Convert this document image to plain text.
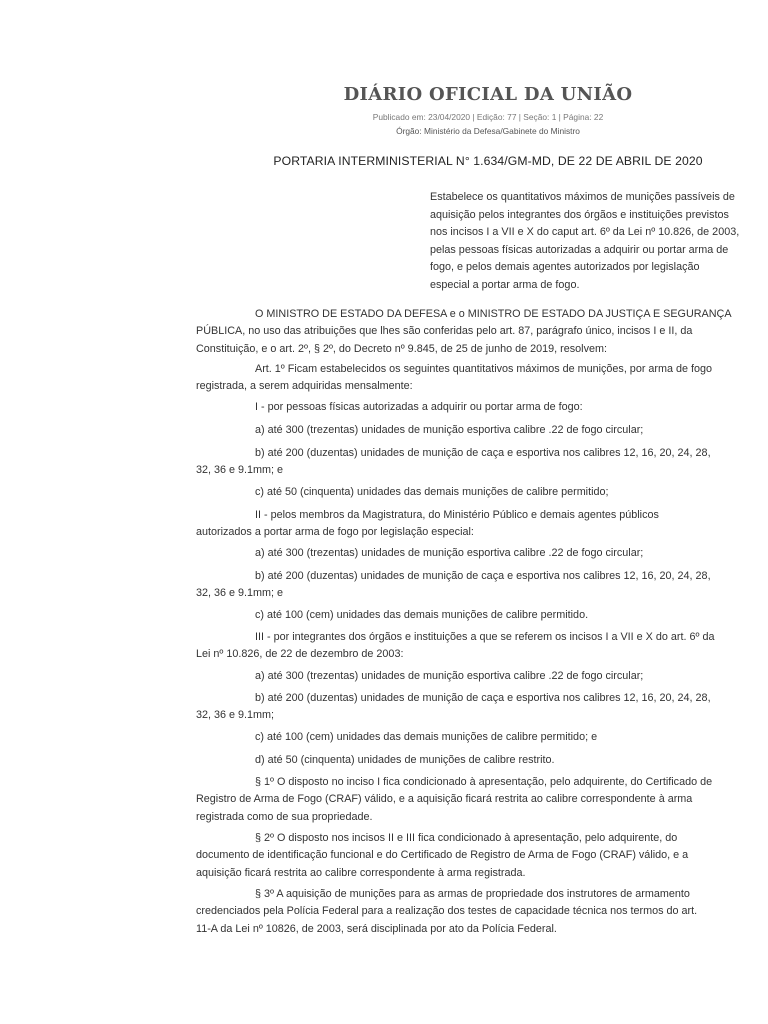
DIÁRIO OFICIAL DA UNIÃO
Publicado em: 23/04/2020 | Edição: 77 | Seção: 1 | Página: 22
Órgão: Ministério da Defesa/Gabinete do Ministro
PORTARIA INTERMINISTERIAL N° 1.634/GM-MD, DE 22 DE ABRIL DE 2020
Estabelece os quantitativos máximos de munições passíveis de
aquisição pelos integrantes dos órgãos e instituições previstos
nos incisos I a VII e X do caput art. 6º da Lei nº 10.826, de 2003,
pelas pessoas físicas autorizadas a adquirir ou portar arma de
fogo, e pelos demais agentes autorizados por legislação
especial a portar arma de fogo.
O MINISTRO DE ESTADO DA DEFESA e o MINISTRO DE ESTADO DA JUSTIÇA E SEGURANÇA
PÚBLICA, no uso das atribuições que lhes são conferidas pelo art. 87, parágrafo único, incisos I e II, da
Constituição, e o art. 2º, § 2º, do Decreto nº 9.845, de 25 de junho de 2019, resolvem:
Art. 1º Ficam estabelecidos os seguintes quantitativos máximos de munições, por arma de fogo
registrada, a serem adquiridas mensalmente:
I - por pessoas físicas autorizadas a adquirir ou portar arma de fogo:
a) até 300 (trezentas) unidades de munição esportiva calibre .22 de fogo circular;
b) até 200 (duzentas) unidades de munição de caça e esportiva nos calibres 12, 16, 20, 24, 28,
32, 36 e 9.1mm; e
c) até 50 (cinquenta) unidades das demais munições de calibre permitido;
II - pelos membros da Magistratura, do Ministério Público e demais agentes públicos
autorizados a portar arma de fogo por legislação especial:
a) até 300 (trezentas) unidades de munição esportiva calibre .22 de fogo circular;
b) até 200 (duzentas) unidades de munição de caça e esportiva nos calibres 12, 16, 20, 24, 28,
32, 36 e 9.1mm; e
c) até 100 (cem) unidades das demais munições de calibre permitido.
III - por integrantes dos órgãos e instituições a que se referem os incisos I a VII e X do art. 6º da
Lei nº 10.826, de 22 de dezembro de 2003:
a) até 300 (trezentas) unidades de munição esportiva calibre .22 de fogo circular;
b) até 200 (duzentas) unidades de munição de caça e esportiva nos calibres 12, 16, 20, 24, 28,
32, 36 e 9.1mm;
c) até 100 (cem) unidades das demais munições de calibre permitido; e
d) até 50 (cinquenta) unidades de munições de calibre restrito.
§ 1º O disposto no inciso I fica condicionado à apresentação, pelo adquirente, do Certificado de
Registro de Arma de Fogo (CRAF) válido, e a aquisição ficará restrita ao calibre correspondente à arma
registrada como de sua propriedade.
§ 2º O disposto nos incisos II e III fica condicionado à apresentação, pelo adquirente, do
documento de identificação funcional e do Certificado de Registro de Arma de Fogo (CRAF) válido, e a
aquisição ficará restrita ao calibre correspondente à arma registrada.
§ 3º A aquisição de munições para as armas de propriedade dos instrutores de armamento
credenciados pela Polícia Federal para a realização dos testes de capacidade técnica nos termos do art.
11-A da Lei nº 10826, de 2003, será disciplinada por ato da Polícia Federal.
